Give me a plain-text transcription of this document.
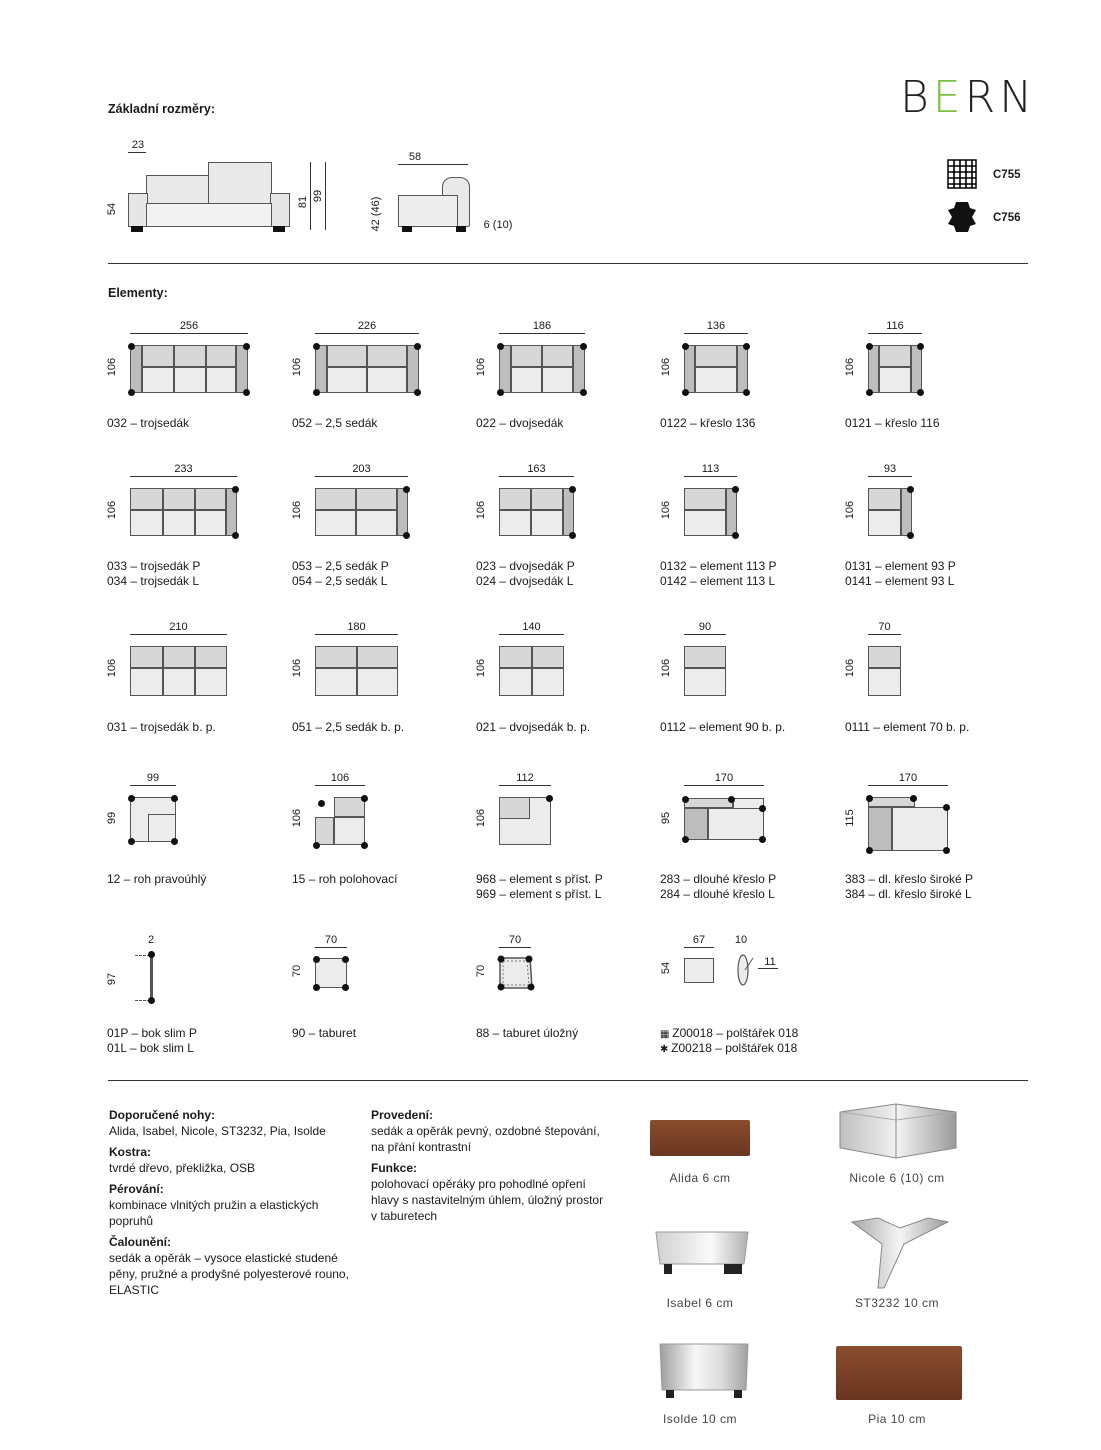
BERN
Základní rozměry:
23
54
81 99
58
42 (46)	6 (10)
C755
C756
Elementy:
256
106
032 – trojsedák
226
106
052 – 2,5 sedák
186
106
022 – dvojsedák
136
106
0122 – křeslo 136
116
106
0121 – křeslo 116
233
106
033 – trojsedák P
034 – trojsedák L
203
106
053 – 2,5 sedák P
054 – 2,5 sedák L
163
106
023 – dvojsedák P
024 – dvojsedák L
113
106
0132 – element 113 P
0142 – element 113 L
93
106
0131 – element 93 P
0141 – element 93 L
210
106
031 – trojsedák b. p.
180
106
051 – 2,5 sedák b. p.
140
106
021 – dvojsedák b. p.
90
106
0112 – element 90 b. p.
70
106
0111 – element 70 b. p.
99
99
12 – roh pravoúhlý
106
106
15 – roh polohovací
112
106
968 – element s příst. P
969 – element s příst. L
170
95
283 – dlouhé křeslo P
284 – dlouhé křeslo L
170
115
383 – dl. křeslo široké P
384 – dl. křeslo široké L
2
97
01P – bok slim P
01L – bok slim L
70
70
90 – taburet
70
70
88 – taburet úložný
67	10
11
54
▦ Z00018 – polštářek 018
✱ Z00218 – polštářek 018
Doporučené nohy:
Alida, Isabel, Nicole, ST3232, Pia, Isolde
Kostra:
tvrdé dřevo, překližka, OSB
Pérování:
kombinace vlnitých pružin a elastických popruhů
Čalounění:
sedák a opěrák – vysoce elastické studené pěny, pružné a prodyšné polyesterové rouno, ELASTIC
Provedení:
sedák a opěrák pevný, ozdobné štepování, na přání kontrastní
Funkce:
polohovací opěráky pro pohodlné opření hlavy s nastavitelným úhlem, úložný prostor v taburetech
Alida 6 cm	Nicole 6 (10) cm
Isabel 6 cm	ST3232 10 cm
Isolde 10 cm	Pia 10 cm
